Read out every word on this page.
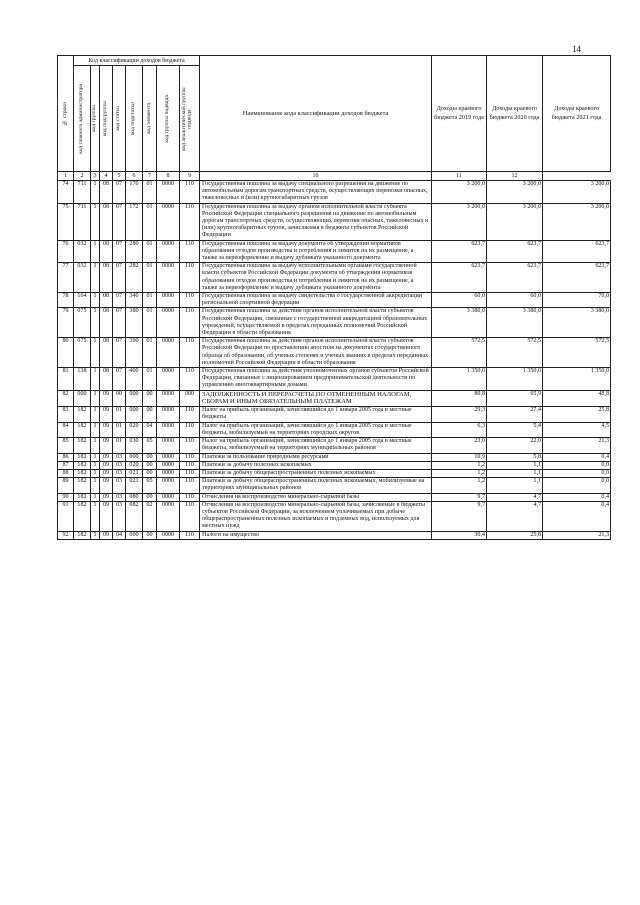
14
№ строки	Код классификации доходов бюджета								Наименование кода классификации доходов бюджета	Доходы краевого бюджета 2019 года	Доходы краевого бюджета 2020 года	Доходы краевого бюджета 2021 года

	код главного администратора	код группы	код подгруппы	код статьи	код подстатьи	код элемента	код группы подвида	код аналитической группы подвида				

1	2	3	4	5	6	7	8	9	10	11	12	
74	711	1	08	07	170	01	0000	110	Государственная пошлина за выдачу специального разрешения на движение по автомобильным дорогам транспортных средств, осуществляющих перевозки опасных, тяжеловесных и (или) крупногабаритных грузов	3 200,0	3 200,0	3 200,0
75	711	1	08	07	172	01	0000	110	Государственная пошлина за выдачу органом исполнительной власти субъекта Российской Федерации специального разрешения на движение по автомобильным дорогам транспортных средств, осуществляющих перевозки опасных, тяжеловесных и (или) крупногабаритных грузов, зачисляемая в бюджеты субъектов Российской Федерации	3 200,0	3 200,0	3 200,0
76	032	1	08	07	280	01	0000	110	Государственная пошлина за выдачу документа об утверждении нормативов образования отходов производства и потребления и лимитов на их размещение, а также за переоформление и выдачу дубликата указанного документа	623,7	623,7	623,7
77	032	1	08	07	282	01	0000	110	Государственная пошлина за выдачу исполнительными органами государственной власти субъектов Российской Федерации документа об утверждении нормативов образования отходов производства и потребления и лимитов на их размещение, а также за переоформление и выдачу дубликата указанного документа	623,7	623,7	623,7
78	164	1	08	07	340	01	0000	110	Государственная пошлина за выдачу свидетельства о государственной аккредитации региональной спортивной федерации	60,0	60,0	70,0
79	075	1	08	07	380	01	0000	110	Государственная пошлина за действия органов исполнительной власти субъектов Российской Федерации, связанные с государственной аккредитацией образовательных учреждений, осуществляемой в пределах переданных полномочий Российской Федерации в области образования	3 380,0	3 380,0	3 380,0
80	075	1	08	07	390	01	0000	110	Государственная пошлина за действия органов исполнительной власти субъектов Российской Федерации по проставлению апостиля на документах государственного образца об образовании, об ученых степенях и ученых званиях в пределах переданных полномочий Российской Федерации в области образования	572,5	572,5	572,5
81	138	1	08	07	400	01	0000	110	Государственная пошлина за действия уполномоченных органов субъектов Российской Федерации, связанные с лицензированием предпринимательской деятельности по управлению многоквартирными домами	1 350,0	1 350,0	1 350,0
82	000	1	09	00	000	00	0000	000	ЗАДОЛЖЕННОСТЬ И ПЕРЕРАСЧЕТЫ ПО ОТМЕНЕННЫМ НАЛОГАМ, СБОРАМ И ИНЫМ ОБЯЗАТЕЛЬНЫМ ПЛАТЕЖАМ	80,8	65,9	48,8
83	182	1	09	01	000	00	0000	110	Налог на прибыль организаций, зачислявшийся до 1 января 2005 года в местные бюджеты	29,3	27,4	25,8
84	182	1	09	01	020	04	0000	110	Налог на прибыль организаций, зачислявшийся до 1 января 2005 года в местные бюджеты, мобилизуемый на территориях городских округов	6,3	5,4	4,5
85	182	1	09	01	030	05	0000	110	Налог на прибыль организаций, зачислявшийся до 1 января 2005 года в местные бюджеты, мобилизуемый на территориях муниципальных районов	23,0	22,0	21,3
86	182	1	09	03	000	00	0000	110	Платежи за пользование природными ресурсами	10,9	5,8	0,4
87	182	1	09	03	020	00	0000	110	Платежи за добычу полезных ископаемых	1,2	1,1	0,0
88	182	1	09	03	021	00	0000	110	Платежи за добычу общераспространенных полезных ископаемых	1,2	1,1	0,0
89	182	1	09	03	021	05	0000	110	Платежи за добычу общераспространенных полезных ископаемых, мобилизуемые на территориях муниципальных районов	1,2	1,1	0,0
90	182	1	09	03	080	00	0000	110	Отчисления на воспроизводство минерально-сырьевой базы	9,7	4,7	0,4
91	182	1	09	03	082	02	0000	110	Отчисления на воспроизводство минерально-сырьевой базы, зачисляемые в бюджеты субъектов Российской Федерации, за исключением уплачиваемых при добыче общераспространенных полезных ископаемых и подземных вод, используемых для местных нужд	9,7	4,7	0,4
92	182	1	09	04	000	00	0000	110	Налоги на имущество	30,4	25,8	21,3
